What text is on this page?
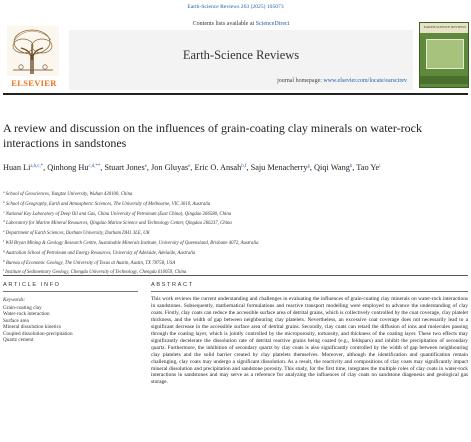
Earth-Science Reviews 263 (2025) 105073
ELSEVIER
Contents lists available at ScienceDirect
Earth-Science Reviews
journal homepage: www.elsevier.com/locate/earscirev
EARTH-SCIENCE REVIEWS
A review and discussion on the influences of grain-coating clay minerals on water-rock interactions in sandstones
Huan $Li^{a,b,c,*}$, Qinhong $Hu^{c,d,**}$, Stuart Jones$^e$, Jon Gluyas$^e$, Eric O. Ansah$^{b,f}$, Saju Menacherry$^g$, Qiqi Wang$^h$, Tao Ye$^i$
$^a$ School of Geosciences, Yangtze University, Wuhan 430100, China
$^b$ School of Geography, Earth and Atmospheric Sciences, The University of Melbourne, VIC 3010, Australia
$^c$ National Key Laboratory of Deep Oil and Gas, China University of Petroleum (East China), Qingdao 266580, China
$^d$ Laboratory for Marine Mineral Resources, Qingdao Marine Science and Technology Center, Qingdao 266237, China
$^e$ Department of Earth Sciences, Durham University, Durham DH1 3LE, UK
$^f$ WH Bryan Mining & Geology Research Centre, Sustainable Minerals Institute, University of Queensland, Brisbane 4072, Australia
$^g$ Australian School of Petroleum and Energy Resources, University of Adelaide, Adelaide, Australia
$^h$ Bureau of Economic Geology, The University of Texas at Austin, Austin, TX 78758, USA
$^i$ Institute of Sedimentary Geology, Chengdu University of Technology, Chengdu 610059, China
ARTICLE INFO	ABSTRACT
Keywords:
Grain-coating clay
Water-rock interaction
Surface area
Mineral dissolution kinetics
Coupled dissolution-precipitation
Quartz cement

This work reviews the current understanding and challenges in evaluating the influences of grain-coating clay minerals on water-rock interactions in sandstones. Subsequently, mathematical formulations and reactive transport modelling were employed to advance the understanding of clay coats. Firstly, clay coats can reduce the accessible surface area of detrital grains, which is collectively controlled by the coat coverage, clay platelet thickness, and the width of gap between neighbouring clay platelets. Nevertheless, an excessive coat coverage does not necessarily lead to a significant decrease in the accessible surface area of detrital grains. Secondly, clay coats can retard the diffusion of ions and molecules passing through the coating layer, which is jointly controlled by the microporosity, tortuosity, and thickness of the coating layer. These two effects may significantly decelerate the dissolution rate of detrital reactive grains being coated (e.g., feldspars) and inhibit the precipitation of secondary quartz. Furthermore, the inhibition of secondary quartz by clay coats is also significantly controlled by the width of gap between neighbouring clay platelets and the solid barrier created by clay platelets themselves. Moreover, although the identification and quantification remain challenging, clay coats may undergo a significant dissolution. As a result, the reactivity and compositions of clay coats may significantly impact mineral dissolution and precipitation and sandstone porosity. This study, for the first time, integrates the multiple roles of clay coats in water-rock interactions in sandstones and may serve as a reference for analyzing the influences of clay coats on sandstone diagenesis and geological gas storage.
